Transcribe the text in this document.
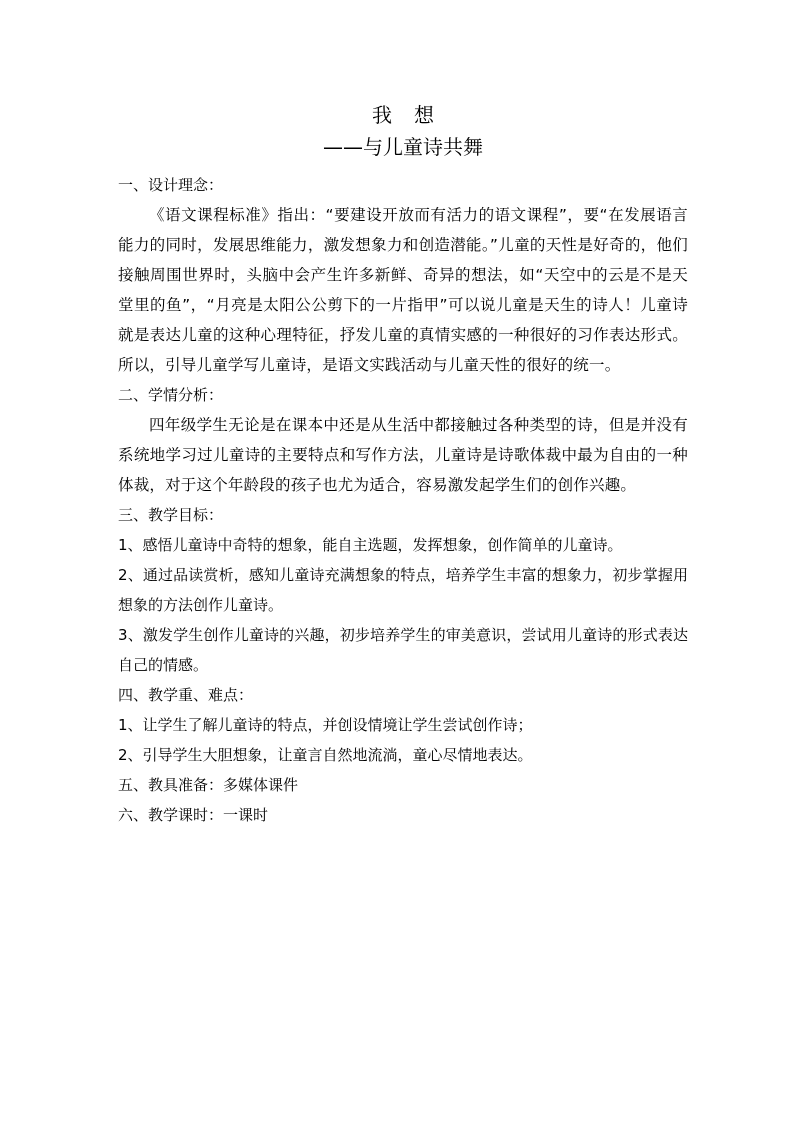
我想
——与儿童诗共舞

一、设计理念：

《语文课程标准》指出：“要建设开放而有活力的语文课程”，要“在发展语言能力的同时，发展思维能力，激发想象力和创造潜能。”儿童的天性是好奇的，他们接触周围世界时，头脑中会产生许多新鲜、奇异的想法，如“天空中的云是不是天堂里的鱼”，“月亮是太阳公公剪下的一片指甲”可以说儿童是天生的诗人！儿童诗就是表达儿童的这种心理特征，抒发儿童的真情实感的一种很好的习作表达形式。所以，引导儿童学写儿童诗，是语文实践活动与儿童天性的很好的统一。

二、学情分析：

四年级学生无论是在课本中还是从生活中都接触过各种类型的诗，但是并没有系统地学习过儿童诗的主要特点和写作方法，儿童诗是诗歌体裁中最为自由的一种体裁，对于这个年龄段的孩子也尤为适合，容易激发起学生们的创作兴趣。

三、教学目标：

1、感悟儿童诗中奇特的想象，能自主选题，发挥想象，创作简单的儿童诗。

2、通过品读赏析，感知儿童诗充满想象的特点，培养学生丰富的想象力，初步掌握用想象的方法创作儿童诗。

3、激发学生创作儿童诗的兴趣，初步培养学生的审美意识，尝试用儿童诗的形式表达自己的情感。

四、教学重、难点：

1、让学生了解儿童诗的特点，并创设情境让学生尝试创作诗；

2、引导学生大胆想象，让童言自然地流淌，童心尽情地表达。

五、教具准备：多媒体课件

六、教学课时：一课时
